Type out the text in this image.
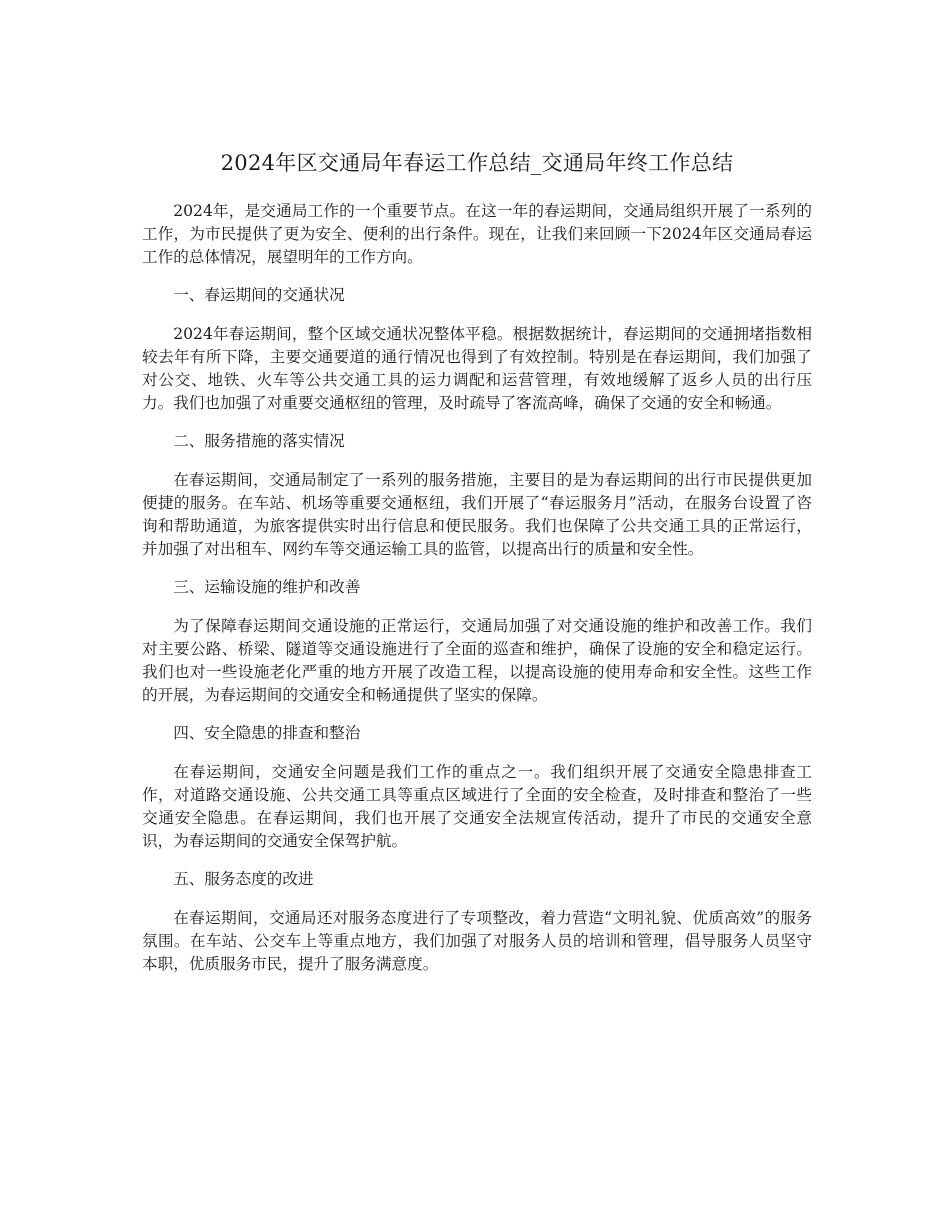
2024年区交通局年春运工作总结_交通局年终工作总结

2024年，是交通局工作的一个重要节点。在这一年的春运期间，交通局组织开展了一系列的工作，为市民提供了更为安全、便利的出行条件。现在，让我们来回顾一下2024年区交通局春运工作的总体情况，展望明年的工作方向。

一、春运期间的交通状况

2024年春运期间，整个区域交通状况整体平稳。根据数据统计，春运期间的交通拥堵指数相较去年有所下降，主要交通要道的通行情况也得到了有效控制。特别是在春运期间，我们加强了对公交、地铁、火车等公共交通工具的运力调配和运营管理，有效地缓解了返乡人员的出行压力。我们也加强了对重要交通枢纽的管理，及时疏导了客流高峰，确保了交通的安全和畅通。

二、服务措施的落实情况

在春运期间，交通局制定了一系列的服务措施，主要目的是为春运期间的出行市民提供更加便捷的服务。在车站、机场等重要交通枢纽，我们开展了“春运服务月”活动，在服务台设置了咨询和帮助通道，为旅客提供实时出行信息和便民服务。我们也保障了公共交通工具的正常运行，并加强了对出租车、网约车等交通运输工具的监管，以提高出行的质量和安全性。

三、运输设施的维护和改善

为了保障春运期间交通设施的正常运行，交通局加强了对交通设施的维护和改善工作。我们对主要公路、桥梁、隧道等交通设施进行了全面的巡查和维护，确保了设施的安全和稳定运行。我们也对一些设施老化严重的地方开展了改造工程，以提高设施的使用寿命和安全性。这些工作的开展，为春运期间的交通安全和畅通提供了坚实的保障。

四、安全隐患的排查和整治

在春运期间，交通安全问题是我们工作的重点之一。我们组织开展了交通安全隐患排查工作，对道路交通设施、公共交通工具等重点区域进行了全面的安全检查，及时排查和整治了一些交通安全隐患。在春运期间，我们也开展了交通安全法规宣传活动，提升了市民的交通安全意识，为春运期间的交通安全保驾护航。

五、服务态度的改进

在春运期间，交通局还对服务态度进行了专项整改，着力营造“文明礼貌、优质高效”的服务氛围。在车站、公交车上等重点地方，我们加强了对服务人员的培训和管理，倡导服务人员坚守本职，优质服务市民，提升了服务满意度。
